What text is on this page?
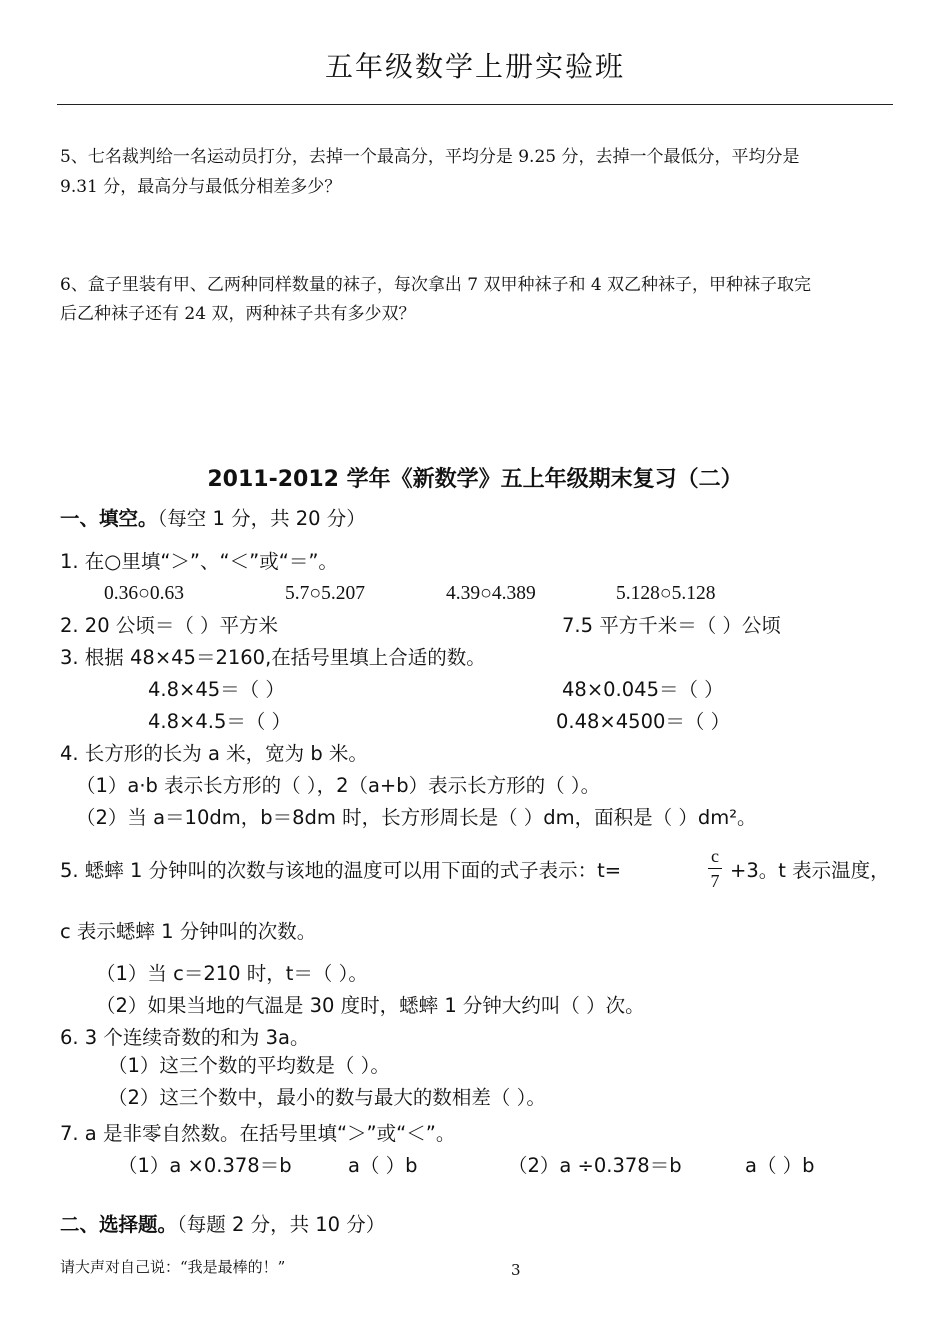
五年级数学上册实验班
5、七名裁判给一名运动员打分，去掉一个最高分，平均分是 9.25 分，去掉一个最低分，平均分是
9.31 分，最高分与最低分相差多少？
6、盒子里装有甲、乙两种同样数量的袜子，每次拿出 7 双甲种袜子和 4 双乙种袜子，甲种袜子取完
后乙种袜子还有 24 双，两种袜子共有多少双？
2011-2012 学年《新数学》五上年级期末复习（二）
一、填空。（每空 1 分，共 20 分）
1. 在○里填“＞”、“＜”或“＝”。
0.36○0.63	5.7○5.207	4.39○4.389	5.128○5.128
2. 20 公顷＝（ ）平方米	7.5 平方千米＝（ ）公顷
3. 根据 48×45＝2160,在括号里填上合适的数。
4.8×45＝（ ）	48×0.045＝（ ）
4.8×4.5＝（ ）	0.48×4500＝（ ）
4. 长方形的长为 a 米，宽为 b 米。
（1）a·b 表示长方形的（ ），2（a+b）表示长方形的（ ）。
（2）当 a＝10dm，b＝8dm 时，长方形周长是（ ）dm，面积是（ ）dm²。
5. 蟋蟀 1 分钟叫的次数与该地的温度可以用下面的式子表示：t=
c
7 +3。t 表示温度，
c 表示蟋蟀 1 分钟叫的次数。
（1）当 c＝210 时，t＝（ ）。
（2）如果当地的气温是 30 度时，蟋蟀 1 分钟大约叫（ ）次。
6. 3 个连续奇数的和为 3a。
（1）这三个数的平均数是（ ）。
（2）这三个数中，最小的数与最大的数相差（ ）。
7. a 是非零自然数。在括号里填“＞”或“＜”。
（1）a ×0.378＝b	a（ ）b	（2）a ÷0.378＝b	a（ ）b
二、选择题。（每题 2 分，共 10 分）
请大声对自己说：“我是最棒的！”	3
